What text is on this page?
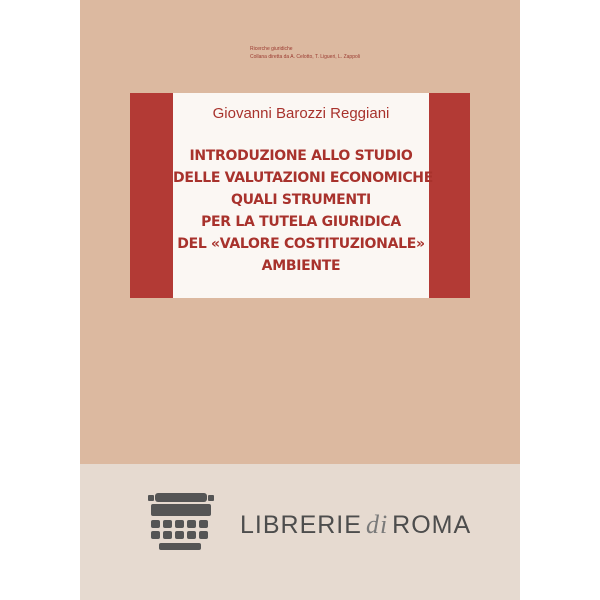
Ricerche giuridiche
Collana diretta da A. Celotto, T. Ligueri, L. Zappoli
Giovanni Barozzi Reggiani
INTRODUZIONE ALLO STUDIO
DELLE VALUTAZIONI ECONOMICHE
QUALI STRUMENTI
PER LA TUTELA GIURIDICA
DEL «VALORE COSTITUZIONALE»
AMBIENTE
LIBRERIE di ROMA
